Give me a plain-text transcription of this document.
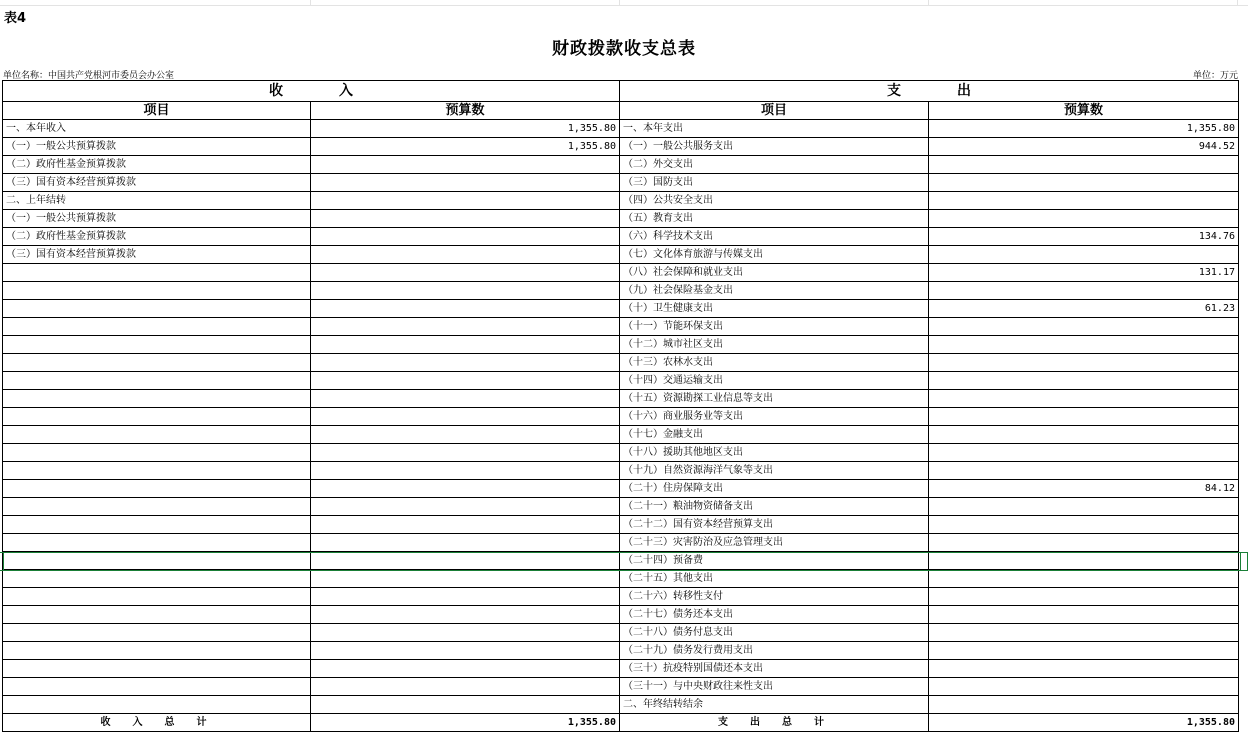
表4
财政拨款收支总表
单位名称：中国共产党根河市委员会办公室	单位：万元
收　　　　入		支　　　　出	
项目	预算数	项目	预算数
一、本年收入	1,355.80	一、本年支出	1,355.80
（一）一般公共预算拨款	1,355.80	（一）一般公共服务支出	944.52
（二）政府性基金预算拨款		（二）外交支出	
（三）国有资本经营预算拨款		（三）国防支出	
二、上年结转		（四）公共安全支出	
（一）一般公共预算拨款		（五）教育支出	
（二）政府性基金预算拨款		（六）科学技术支出	134.76
（三）国有资本经营预算拨款		（七）文化体育旅游与传媒支出	
		（八）社会保障和就业支出	131.17
		（九）社会保险基金支出	
		（十）卫生健康支出	61.23
		（十一）节能环保支出	
		（十二）城市社区支出	
		（十三）农林水支出	
		（十四）交通运输支出	
		（十五）资源勘探工业信息等支出	
		（十六）商业服务业等支出	
		（十七）金融支出	
		（十八）援助其他地区支出	
		（十九）自然资源海洋气象等支出	
		（二十）住房保障支出	84.12
		（二十一）粮油物资储备支出	
		（二十二）国有资本经营预算支出	
		（二十三）灾害防治及应急管理支出	
		（二十四）预备费	
		（二十五）其他支出	
		（二十六）转移性支付	
		（二十七）债务还本支出	
		（二十八）债务付息支出	
		（二十九）债务发行费用支出	
		（三十）抗疫特别国债还本支出	
		（三十一）与中央财政往来性支出	
		二、年终结转结余	
收　入　总　计	1,355.80	支　出　总　计	1,355.80
